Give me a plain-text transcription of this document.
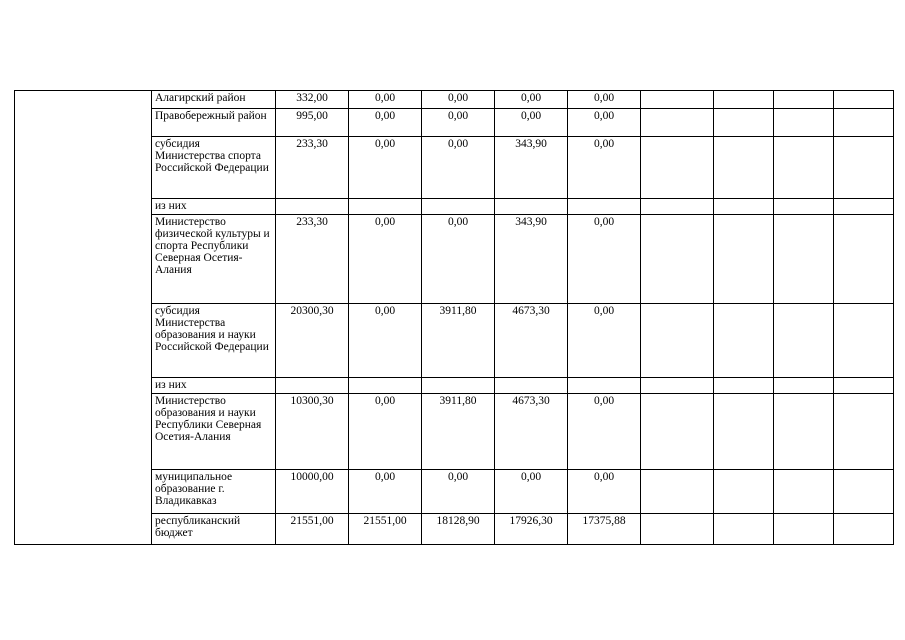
	Алагирский район	332,00	0,00	0,00	0,00	0,00				
	Правобережный район	995,00	0,00	0,00	0,00	0,00				
	субсидия Министерства спорта Российской Федерации	233,30	0,00	0,00	343,90	0,00				
	из них									
	Министерство физической культуры и спорта Республики Северная Осетия-Алания	233,30	0,00	0,00	343,90	0,00				
	субсидия Министерства образования и науки Российской Федерации	20300,30	0,00	3911,80	4673,30	0,00				
	из них									
	Министерство образования и науки Республики Северная Осетия-Алания	10300,30	0,00	3911,80	4673,30	0,00				
	муниципальное образование г. Владикавказ	10000,00	0,00	0,00	0,00	0,00				
	республиканский бюджет	21551,00	21551,00	18128,90	17926,30	17375,88				
